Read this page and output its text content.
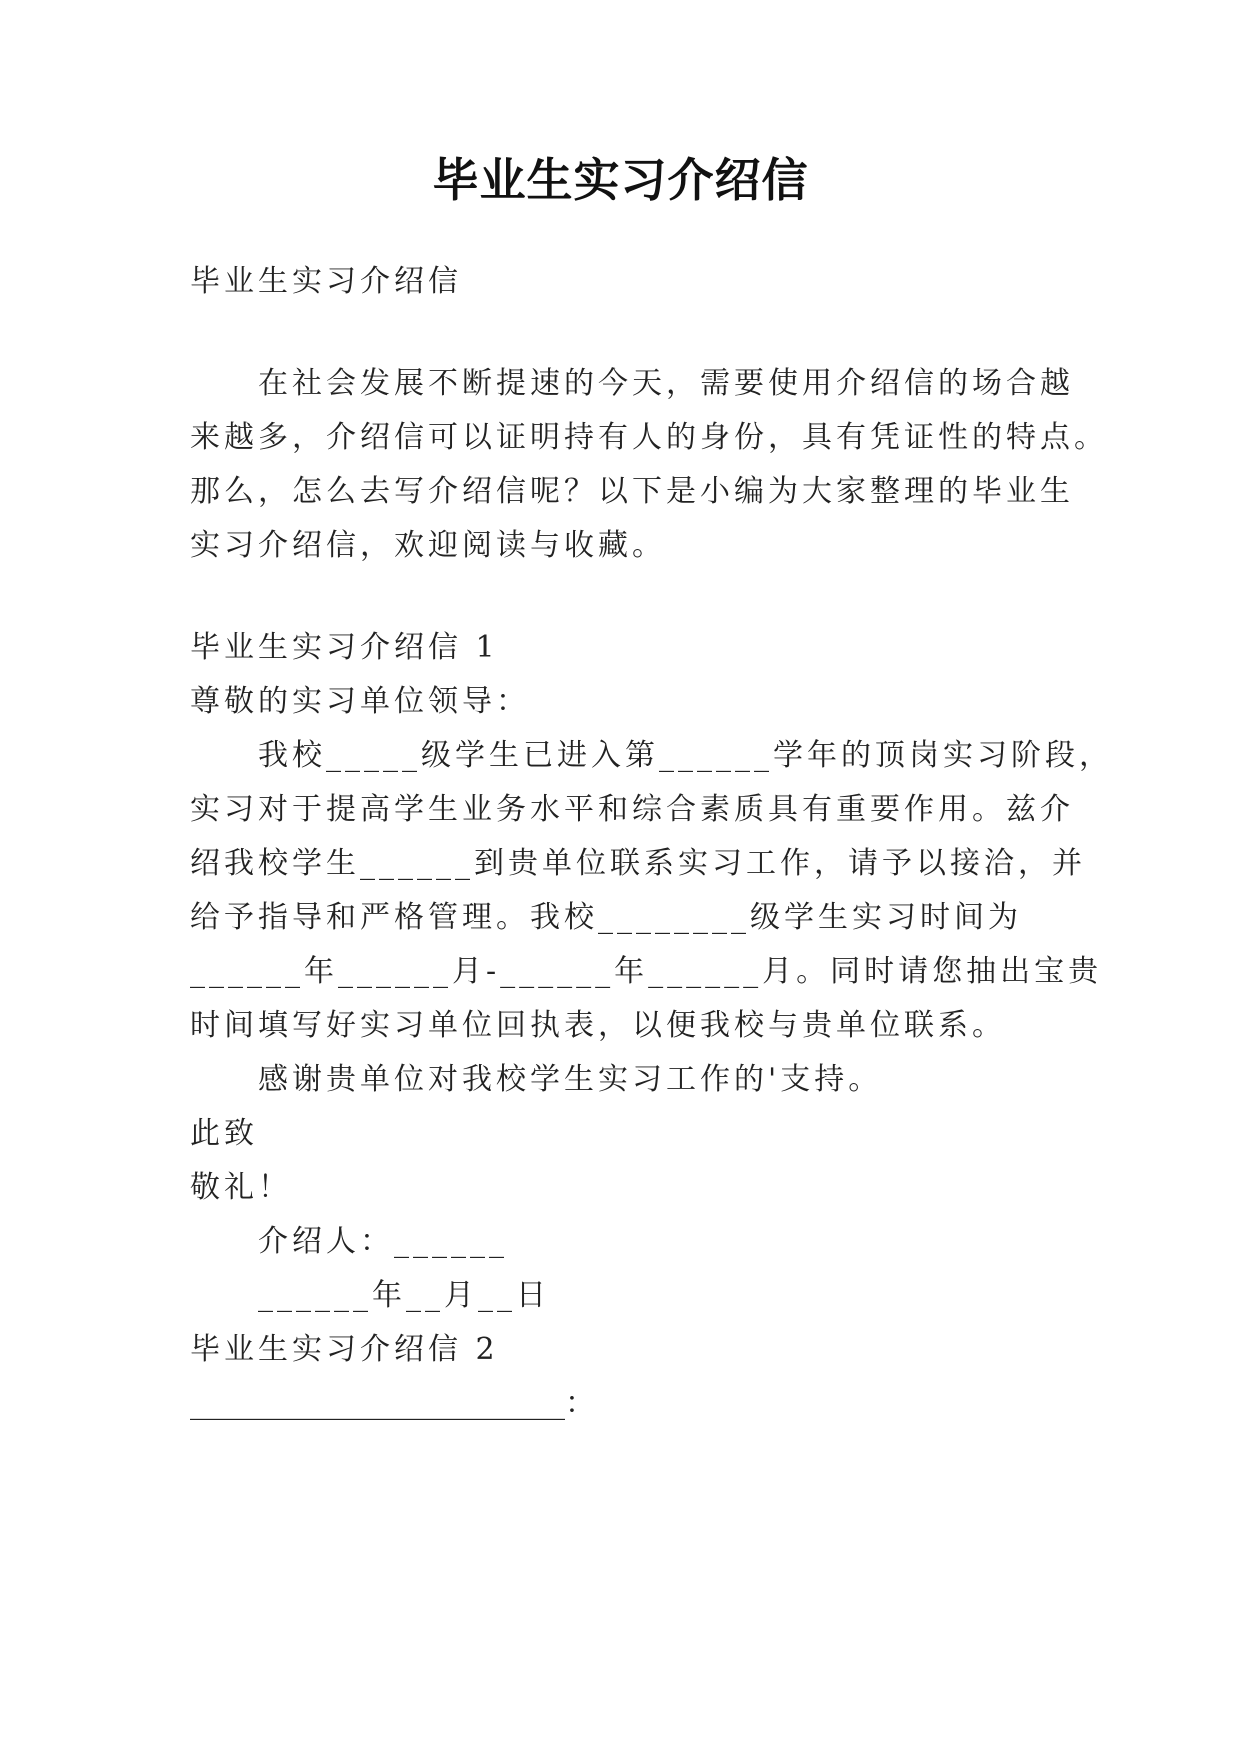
毕业生实习介绍信
毕业生实习介绍信
在社会发展不断提速的今天，需要使用介绍信的场合越
来越多，介绍信可以证明持有人的身份，具有凭证性的特点。
那么，怎么去写介绍信呢？以下是小编为大家整理的毕业生
实习介绍信，欢迎阅读与收藏。
毕业生实习介绍信 1
尊敬的实习单位领导：
我校_____级学生已进入第______学年的顶岗实习阶段，
实习对于提高学生业务水平和综合素质具有重要作用。兹介
绍我校学生______到贵单位联系实习工作，请予以接洽，并
给予指导和严格管理。我校________级学生实习时间为
______年______月-______年______月。同时请您抽出宝贵
时间填写好实习单位回执表，以便我校与贵单位联系。
感谢贵单位对我校学生实习工作的'支持。
此致
敬礼！
介绍人：______
______年__月__日
毕业生实习介绍信 2
_________________________：
